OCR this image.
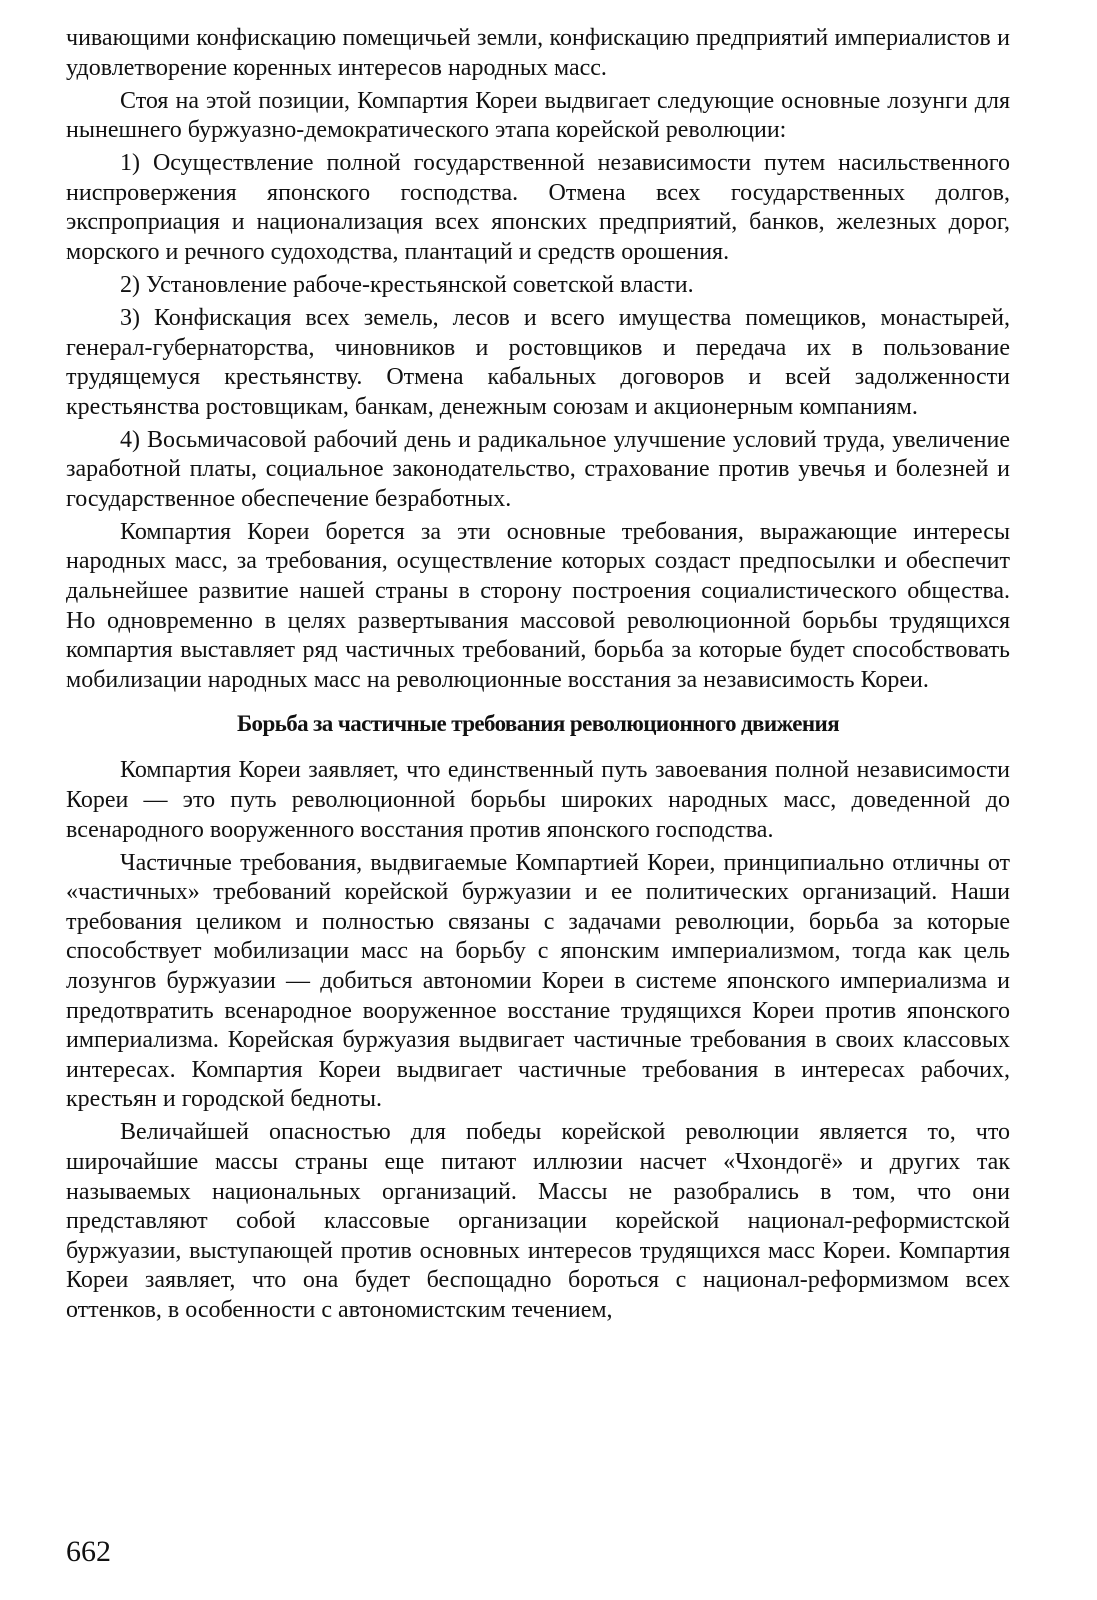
чивающими конфискацию помещичьей земли, конфискацию предприятий империалистов и удовлетворение коренных интересов народных масс.

Стоя на этой позиции, Компартия Кореи выдвигает следующие основные лозунги для нынешнего буржуазно-демократического этапа корейской революции:

1) Осуществление полной государственной независимости путем насильственного ниспровержения японского господства. Отмена всех государственных долгов, экспроприация и национализация всех японских предприятий, банков, железных дорог, морского и речного судоходства, плантаций и средств орошения.

2) Установление рабоче-крестьянской советской власти.

3) Конфискация всех земель, лесов и всего имущества помещиков, монастырей, генерал-губернаторства, чиновников и ростовщиков и передача их в пользование трудящемуся крестьянству. Отмена кабальных договоров и всей задолженности крестьянства ростовщикам, банкам, денежным союзам и акционерным компаниям.

4) Восьмичасовой рабочий день и радикальное улучшение условий труда, увеличение заработной платы, социальное законодательство, страхование против увечья и болезней и государственное обеспечение безработных.

Компартия Кореи борется за эти основные требования, выражающие интересы народных масс, за требования, осуществление которых создаст предпосылки и обеспечит дальнейшее развитие нашей страны в сторону построения социалистического общества. Но одновременно в целях развертывания массовой революционной борьбы трудящихся компартия выставляет ряд частичных требований, борьба за которые будет способствовать мобилизации народных масс на революционные восстания за независимость Кореи.

Борьба за частичные требования революционного движения

Компартия Кореи заявляет, что единственный путь завоевания полной независимости Кореи — это путь революционной борьбы широких народных масс, доведенной до всенародного вооруженного восстания против японского господства.

Частичные требования, выдвигаемые Компартией Кореи, принципиально отличны от «частичных» требований корейской буржуазии и ее политических организаций. Наши требования целиком и полностью связаны с задачами революции, борьба за которые способствует мобилизации масс на борьбу с японским империализмом, тогда как цель лозунгов буржуазии — добиться автономии Кореи в системе японского империализма и предотвратить всенародное вооруженное восстание трудящихся Кореи против японского империализма. Корейская буржуазия выдвигает частичные требования в своих классовых интересах. Компартия Кореи выдвигает частичные требования в интересах рабочих, крестьян и городской бедноты.

Величайшей опасностью для победы корейской революции является то, что широчайшие массы страны еще питают иллюзии насчет «Чхондогё» и других так называемых национальных организаций. Массы не разобрались в том, что они представляют собой классовые организации корейской национал-реформистской буржуазии, выступающей против основных интересов трудящихся масс Кореи. Компартия Кореи заявляет, что она будет беспощадно бороться с национал-реформизмом всех оттенков, в особенности с автономистским течением,

662
